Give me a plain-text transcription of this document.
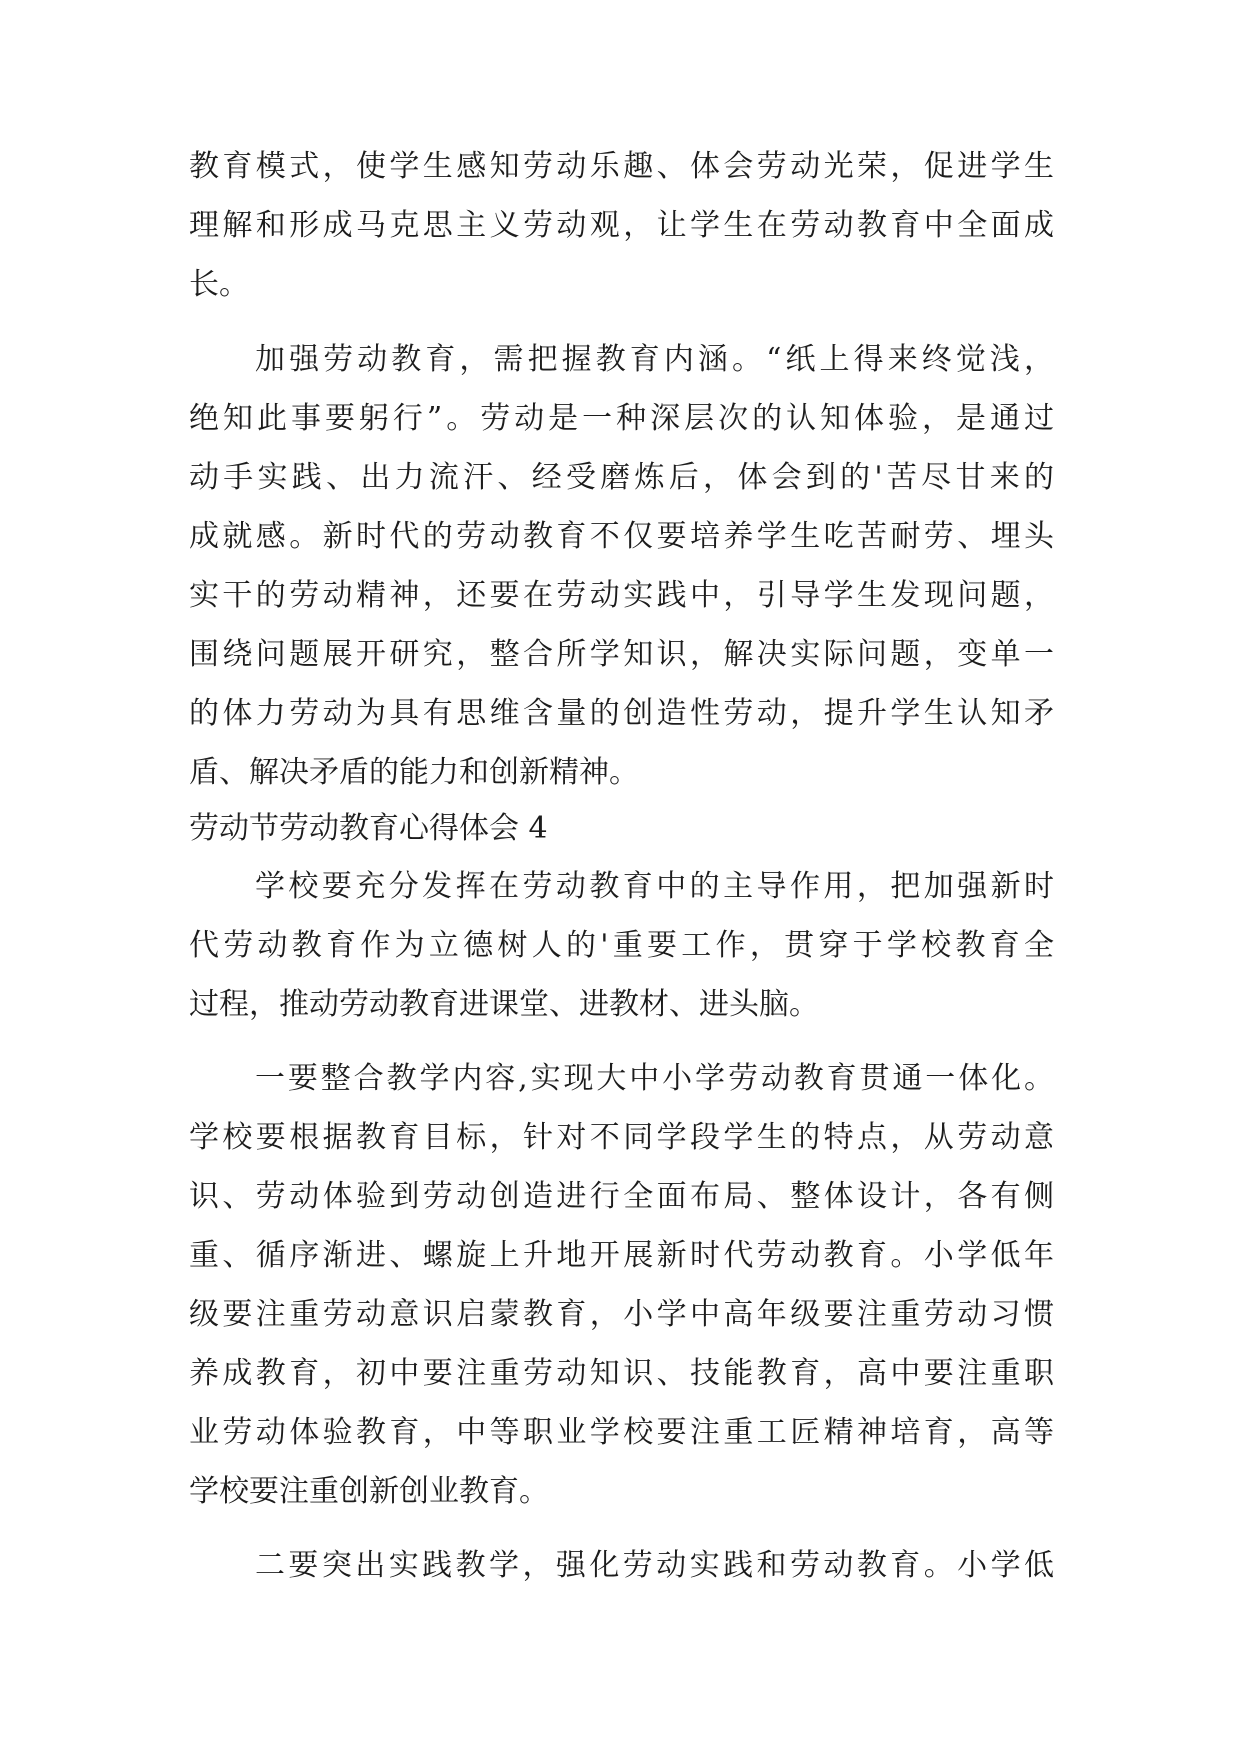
教育模式，使学生感知劳动乐趣、体会劳动光荣，促进学生
理解和形成马克思主义劳动观，让学生在劳动教育中全面成
长。
加强劳动教育，需把握教育内涵。“纸上得来终觉浅，
绝知此事要躬行”。劳动是一种深层次的认知体验，是通过
动手实践、出力流汗、经受磨炼后，体会到的'苦尽甘来的
成就感。新时代的劳动教育不仅要培养学生吃苦耐劳、埋头
实干的劳动精神，还要在劳动实践中，引导学生发现问题，
围绕问题展开研究，整合所学知识，解决实际问题，变单一
的体力劳动为具有思维含量的创造性劳动，提升学生认知矛
盾、解决矛盾的能力和创新精神。
劳动节劳动教育心得体会 4
学校要充分发挥在劳动教育中的主导作用，把加强新时
代劳动教育作为立德树人的'重要工作，贯穿于学校教育全
过程，推动劳动教育进课堂、进教材、进头脑。
一要整合教学内容,实现大中小学劳动教育贯通一体化。
学校要根据教育目标，针对不同学段学生的特点，从劳动意
识、劳动体验到劳动创造进行全面布局、整体设计，各有侧
重、循序渐进、螺旋上升地开展新时代劳动教育。小学低年
级要注重劳动意识启蒙教育，小学中高年级要注重劳动习惯
养成教育，初中要注重劳动知识、技能教育，高中要注重职
业劳动体验教育，中等职业学校要注重工匠精神培育，高等
学校要注重创新创业教育。
二要突出实践教学，强化劳动实践和劳动教育。小学低
